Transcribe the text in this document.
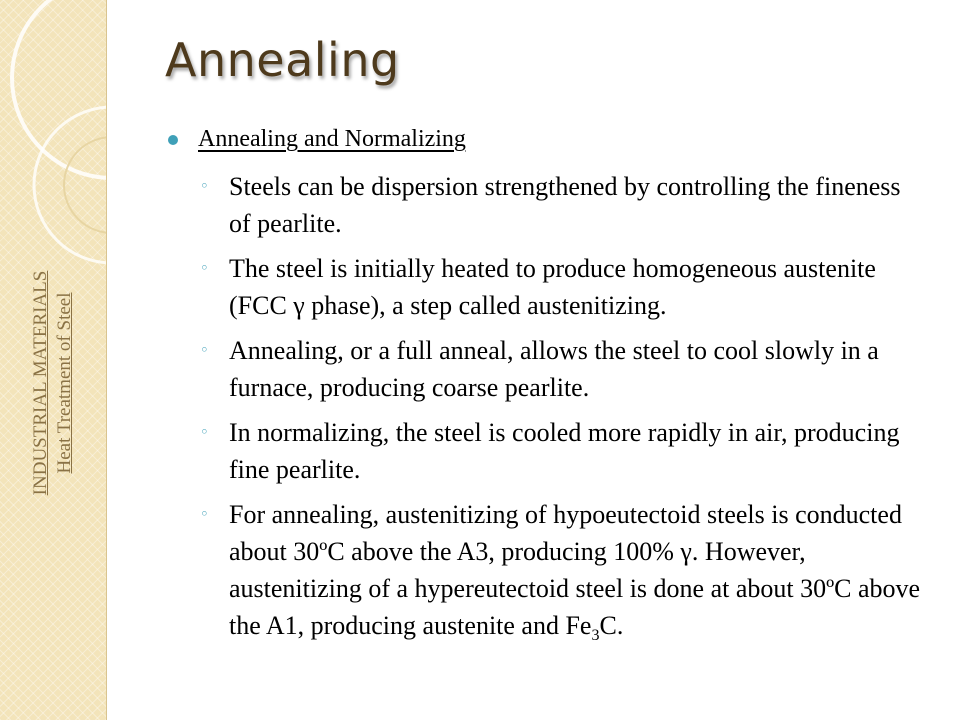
INDUSTRIAL MATERIALS Heat Treatment of Steel
Annealing
Annealing and Normalizing
◦ Steels can be dispersion strengthened by controlling the fineness of pearlite.
◦ The steel is initially heated to produce homogeneous austenite (FCC γ phase), a step called austenitizing.
◦ Annealing, or a full anneal, allows the steel to cool slowly in a furnace, producing coarse pearlite.
◦ In normalizing, the steel is cooled more rapidly in air, producing fine pearlite.
◦ For annealing, austenitizing of hypoeutectoid steels is conducted about 30ºC above the A3, producing 100% γ. However, austenitizing of a hypereutectoid steel is done at about 30ºC above the A1, producing austenite and $Fe_3C$.
